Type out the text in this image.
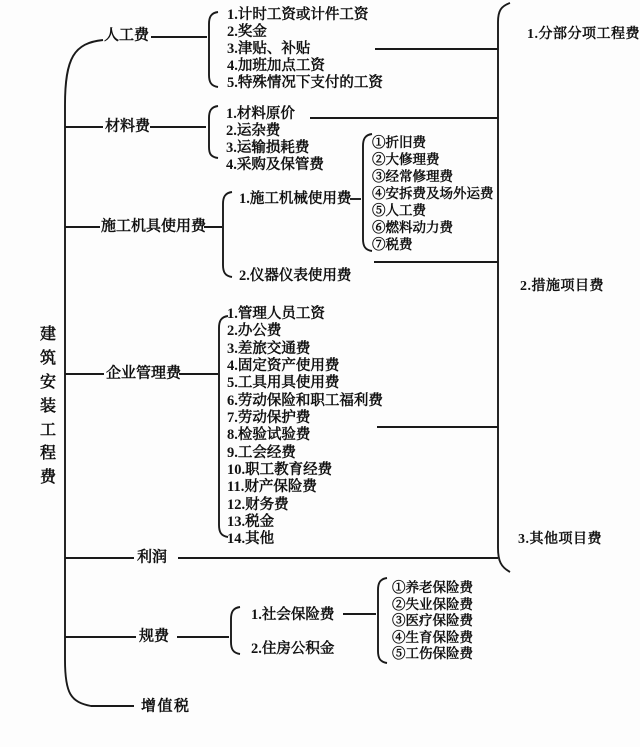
建
筑
安
装
工
程
费
人工费
材料费
施工机具使用费
企业管理费
利润
规费
增值税
1.计时工资或计件工资
2.奖金
3.津贴、补贴
4.加班加点工资
5.特殊情况下支付的工资
1.材料原价
2.运杂费
3.运输损耗费
4.采购及保管费
1.施工机械使用费
2.仪器仪表使用费
①折旧费
②大修理费
③经常修理费
④安拆费及场外运费
⑤人工费
⑥燃料动力费
⑦税费
1.管理人员工资
2.办公费
3.差旅交通费
4.固定资产使用费
5.工具用具使用费
6.劳动保险和职工福利费
7.劳动保护费
8.检验试验费
9.工会经费
10.职工教育经费
11.财产保险费
12.财务费
13.税金
14.其他
1.社会保险费
2.住房公积金
①养老保险费
②失业保险费
③医疗保险费
④生育保险费
⑤工伤保险费
1.分部分项工程费
2.措施项目费
3.其他项目费
